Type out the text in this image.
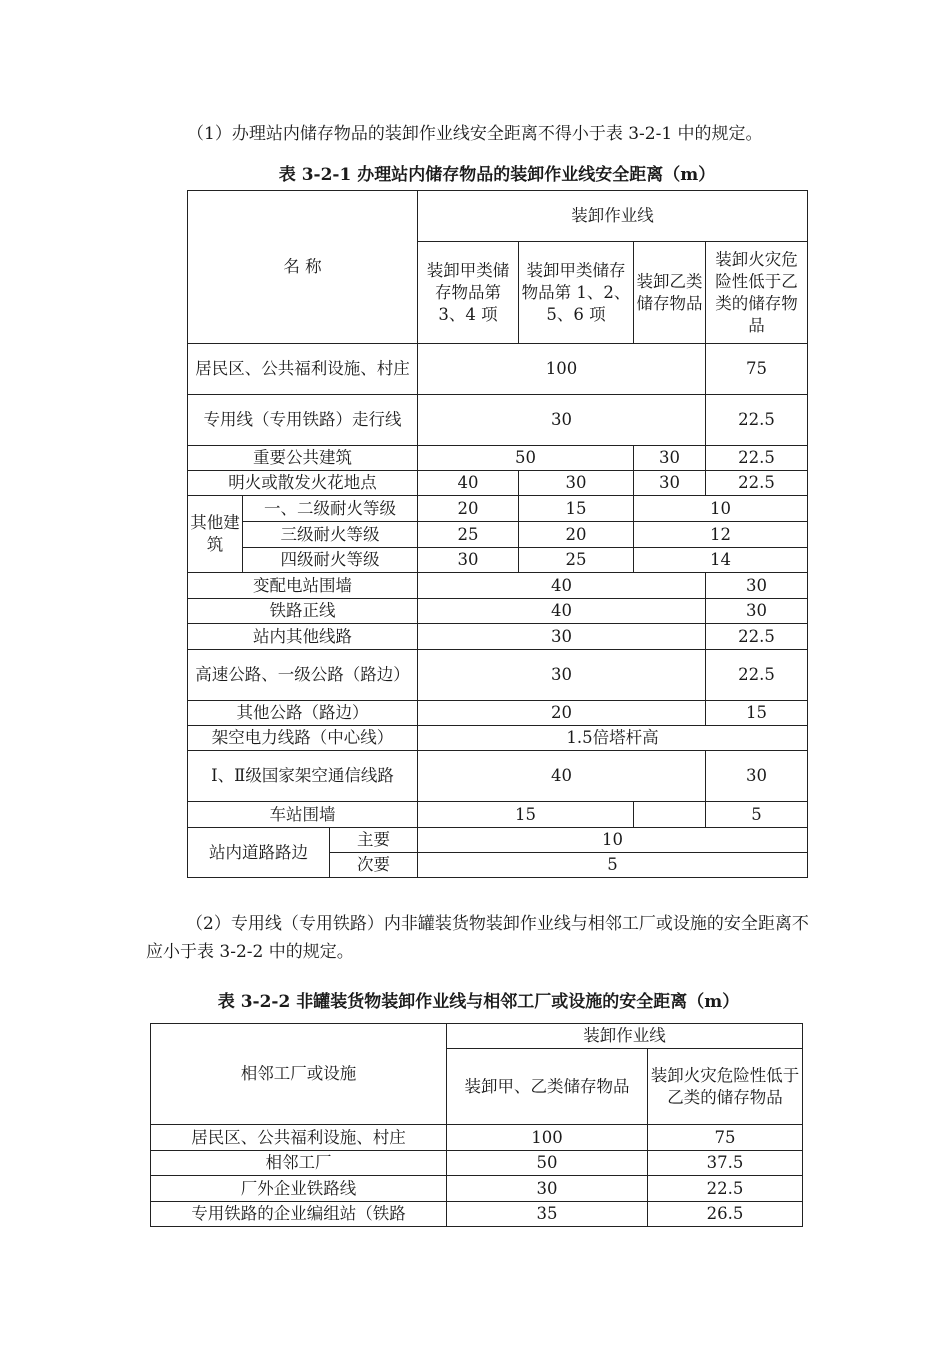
（1）办理站内储存物品的装卸作业线安全距离不得小于表 3-2-1 中的规定。

表 3-2-1 办理站内储存物品的装卸作业线安全距离（m）

名 称			装卸作业线			
			装卸甲类储存物品第 3、4 项	装卸甲类储存物品第 1、2、5、6 项	装卸乙类储存物品	装卸火灾危险性低于乙类的储存物品
居民区、公共福利设施、村庄			100			75
专用线（专用铁路）走行线			30			22.5
重要公共建筑			50		30	22.5
明火或散发火花地点			40	30	30	22.5
其他建筑	一、二级耐火等级		20	15	10	
	三级耐火等级		25	20	12	
	四级耐火等级		30	25	14	
变配电站围墙			40			30
铁路正线			40			30
站内其他线路			30			22.5
高速公路、一级公路（路边）			30			22.5
其他公路（路边）			20			15
架空电力线路（中心线）			1.5倍塔杆高			
Ⅰ、Ⅱ级国家架空通信线路			40			30
车站围墙			15			5
站内道路路边		主要	10			
		次要	5			

（2）专用线（专用铁路）内非罐装货物装卸作业线与相邻工厂或设施的安全距离不应小于表 3-2-2 中的规定。

表 3-2-2 非罐装货物装卸作业线与相邻工厂或设施的安全距离（m）

相邻工厂或设施	装卸作业线	
	装卸甲、乙类储存物品	装卸火灾危险性低于乙类的储存物品
居民区、公共福利设施、村庄	100	75
相邻工厂	50	37.5
厂外企业铁路线	30	22.5
专用铁路的企业编组站（铁路	35	26.5
